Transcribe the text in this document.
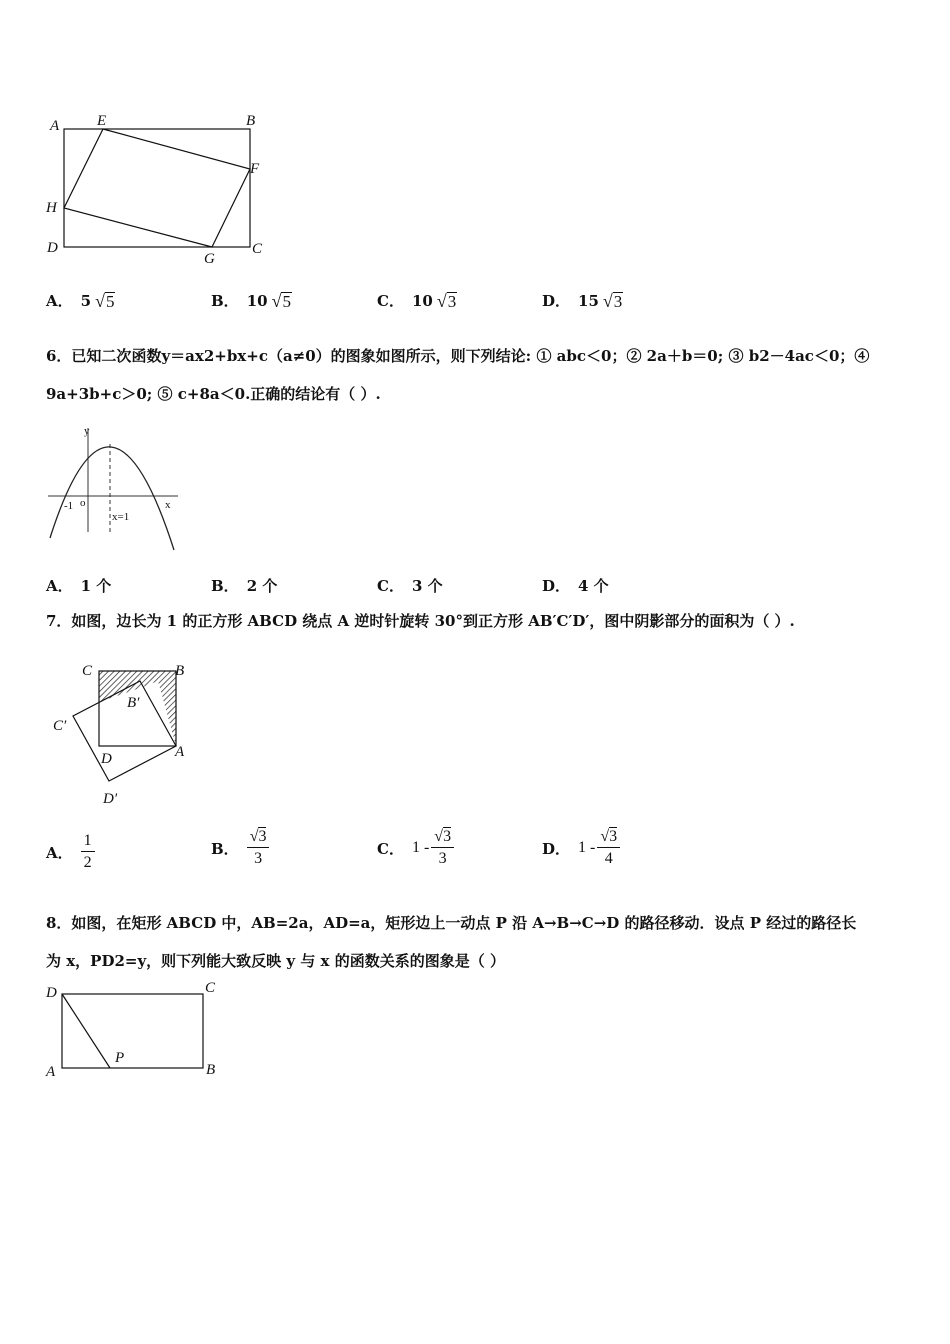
A	E	B
F
H
D
G
C
A． 5 √ 5	B． 10 √ 5	C． 10 √ 3	D． 15 √ 3
6．已知二次函数y＝ax2+bx+c（a≠0）的图象如图所示，则下列结论: ① abc＜0；② 2a＋b＝0; ③ b2－4ac＜0；④
9a+3b+c＞0; ⑤ c+8a＜0.正确的结论有（ ）.
y
x
-1 o
x=1
A． 1 个	B． 2 个	C． 3 个	D． 4 个
7．如图，边长为 1 的正方形 ABCD 绕点 A 逆时针旋转 30°到正方形 AB′C′D′，图中阴影部分的面积为（ ）.
C	B
B′
C′
D	A
D′
A． $\frac{1}{2}$	B． $\frac{√3}{3}$	C． $1 - \frac{√3}{3}$	D． $1 - \frac{√3}{4}$
8．如图，在矩形 ABCD 中，AB=2a，AD=a，矩形边上一动点 P 沿 A→B→C→D 的路径移动．设点 P 经过的路径长
为 x，PD2=y，则下列能大致反映 y 与 x 的函数关系的图象是（ ）
D	C
A	B
P
